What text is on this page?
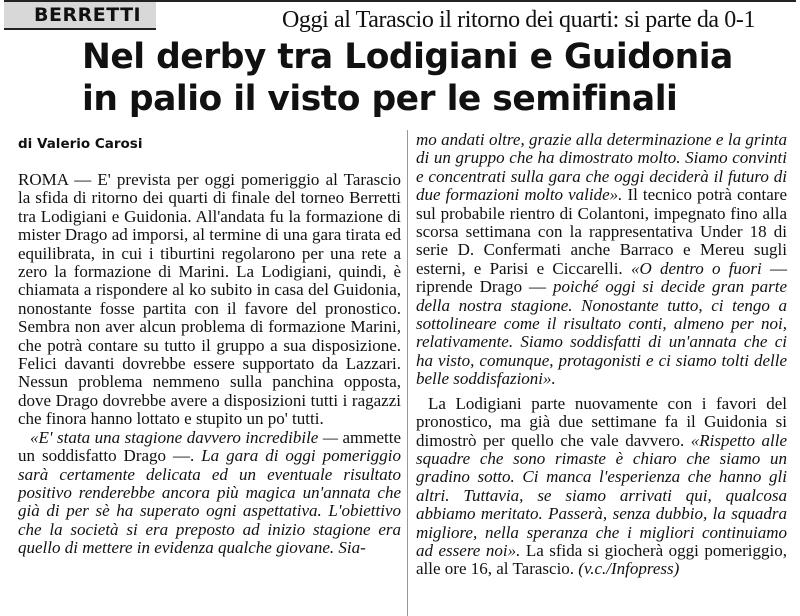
BERRETTI	Oggi al Tarascio il ritorno dei quarti: si parte da 0-1
Nel derby tra Lodigiani e Guidonia
in palio il visto per le semifinali
di Valerio Carosi

ROMA — E' prevista per oggi pomeriggio al Tarascio la sfida di ritorno dei quarti di finale del torneo Berretti tra Lodigiani e Guidonia. All'andata fu la formazione di mister Drago ad imporsi, al termine di una gara tirata ed equilibrata, in cui i tiburtini regolarono per una rete a zero la formazione di Marini. La Lodigiani, quindi, è chiamata a rispondere al ko subito in casa del Guidonia, nonostante fosse partita con il favore del pronostico. Sembra non aver alcun problema di formazione Marini, che potrà contare su tutto il gruppo a sua disposizione. Felici davanti dovrebbe essere supportato da Lazzari. Nessun problema nemmeno sulla panchina opposta, dove Drago dovrebbe avere a disposizioni tutti i ragazzi che finora hanno lottato e stupito un po' tutti.

«E' stata una stagione davvero incredibile — ammette un soddisfatto Drago —. La gara di oggi pomeriggio sarà certamente delicata ed un eventuale risultato positivo renderebbe ancora più magica un'annata che già di per sè ha superato ogni aspettativa. L'obiettivo che la società si era preposto ad inizio stagione era quello di mettere in evidenza qualche giovane. Sia-

mo andati oltre, grazie alla determinazione e la grinta di un gruppo che ha dimostrato molto. Siamo convinti e concentrati sulla gara che oggi deciderà il futuro di due formazioni molto valide». Il tecnico potrà contare sul probabile rientro di Colantoni, impegnato fino alla scorsa settimana con la rappresentativa Under 18 di serie D. Confermati anche Barraco e Mereu sugli esterni, e Parisi e Ciccarelli. «O dentro o fuori — riprende Drago — poiché oggi si decide gran parte della nostra stagione. Nonostante tutto, ci tengo a sottolineare come il risultato conti, almeno per noi, relativamente. Siamo soddisfatti di un'annata che ci ha visto, comunque, protagonisti e ci siamo tolti delle belle soddisfazioni».

La Lodigiani parte nuovamente con i favori del pronostico, ma già due settimane fa il Guidonia si dimostrò per quello che vale davvero. «Rispetto alle squadre che sono rimaste è chiaro che siamo un gradino sotto. Ci manca l'esperienza che hanno gli altri. Tuttavia, se siamo arrivati qui, qualcosa abbiamo meritato. Passerà, senza dubbio, la squadra migliore, nella speranza che i migliori continuiamo ad essere noi». La sfida si giocherà oggi pomeriggio, alle ore 16, al Tarascio. (v.c./Infopress)
